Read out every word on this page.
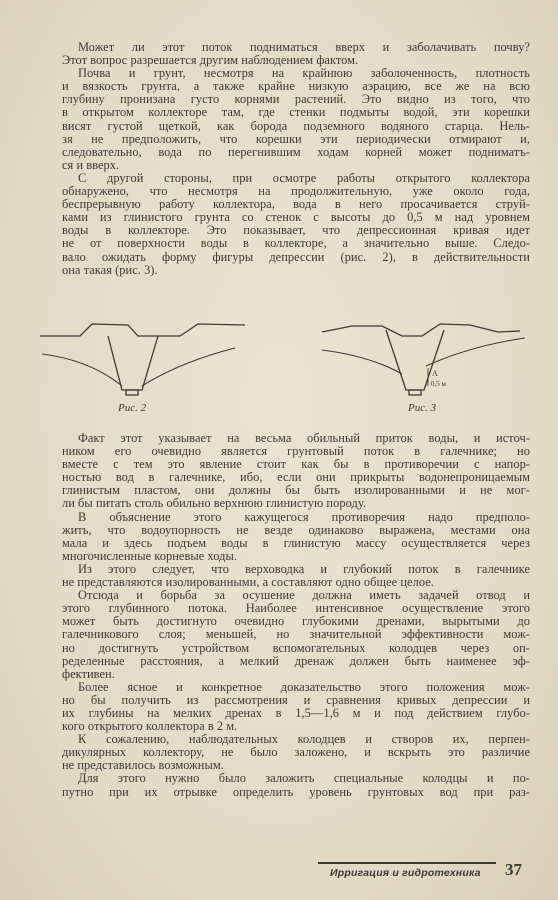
Может ли этот поток подниматься вверх и заболачивать почву?
Этот вопрос разрешается другим наблюдением фактом.
Почва и грунт, несмотря на крайнюю заболоченность, плотность
и вязкость грунта, а также крайне низкую аэрацию, все же на всю
глубину пронизана густо корнями растений. Это видно из того, что
в открытом коллекторе там, где стенки подмыты водой, эти корешки
висят густой щеткой, как борода подземного водяного старца. Нель-
зя не предположить, что корешки эти периодически отмирают и,
следовательно, вода по перегнившим ходам корней может подниматъ-
ся и вверх.
С другой стороны, при осмотре работы открытого коллектора
обнаружено, что несмотря на продолжительную, уже около года,
беспрерывную работу коллектора, вода в него просачивается струй-
ками из глинистого грунта со стенок с высоты до 0,5 м над уровнем
воды в коллекторе. Это показывает, что депрессионная кривая идет
не от поверхности воды в коллекторе, а значительно выше. Следо-
вало ожидать форму фигуры депрессии (рис. 2), в действительности
она такая (рис. 3).
Рис. 2
А
0,5 м
Рис. 3
Факт этот указывает на весьма обильный приток воды, и источ-
ником его очевидно является грунтовый поток в галечнике; но
вместе с тем это явление стоит как бы в противоречии с напор-
ностью вод в галечнике, ибо, если они прикрыты водонепроницаемым
глинистым пластом, они должны бы быть изолированными и не мог-
ли бы питать столь обильно верхнюю глинистую породу.
В объяснение этого кажущегося противоречия надо предполо-
жить, что водоупорность не везде одинаково выражена, местами она
мала и здесь подъем воды в глинистую массу осуществляется через
многочисленные корневые ходы.
Из этого следует, что верховодка и глубокий поток в галечнике
не представляются изолированными, а составляют одно общее целое.
Отсюда и борьба за осушение должна иметь задачей отвод и
этого глубинного потока. Наиболее интенсивное осуществление этого
может быть достигнуто очевидно глубокими дренами, вырытыми до
галечникового слоя; меньшей, но значительной эффективности мож-
но достигнуть устройством вспомогательных колодцев через оп-
ределенные расстояния, а мелкий дренаж должен быть наименее эф-
фективен.
Более ясное и конкретное доказательство этого положения мож-
но бы получить из рассмотрения и сравнения кривых депрессии и
их глубины на мелких дренах в 1,5—1,6 м и под действием глубо-
кого открытого коллектора в 2 м.
К сожалению, наблюдательных колодцев и створов их, перпен-
дикулярных коллектору, не было заложено, и вскрыть это различие
не представилось возможным.
Для этого нужно было заложить специальные колодцы и по-
путно при их отрывке определить уровень грунтовых вод при раз-
Ирригация и гидротехника 37
